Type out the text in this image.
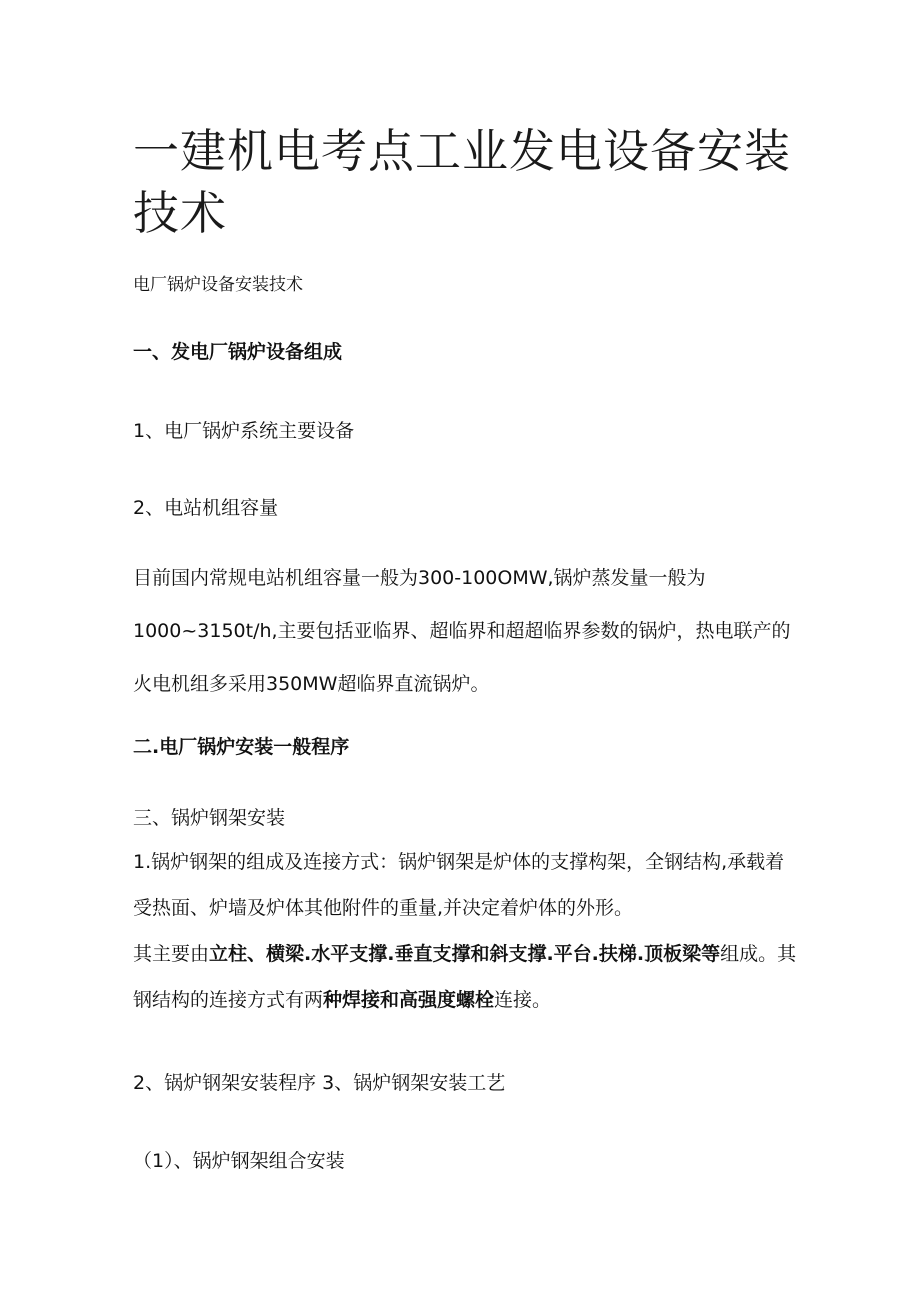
一建机电考点工业发电设备安装技术

电厂锅炉设备安装技术

一、发电厂锅炉设备组成

1、电厂锅炉系统主要设备

2、电站机组容量

目前国内常规电站机组容量一般为300-100OMW,锅炉蒸发量一般为1000~3150t/h,主要包括亚临界、超临界和超超临界参数的锅炉，热电联产的火电机组多采用350MW超临界直流锅炉。

二.电厂锅炉安装一般程序

三、锅炉钢架安装

1.锅炉钢架的组成及连接方式：锅炉钢架是炉体的支撑构架，全钢结构,承载着受热面、炉墙及炉体其他附件的重量,并决定着炉体的外形。

其主要由立柱、横梁.水平支撑.垂直支撑和斜支撑.平台.扶梯.顶板梁等组成。其钢结构的连接方式有两种焊接和高强度螺栓连接。

2、锅炉钢架安装程序 3、锅炉钢架安装工艺

（1）、锅炉钢架组合安装
